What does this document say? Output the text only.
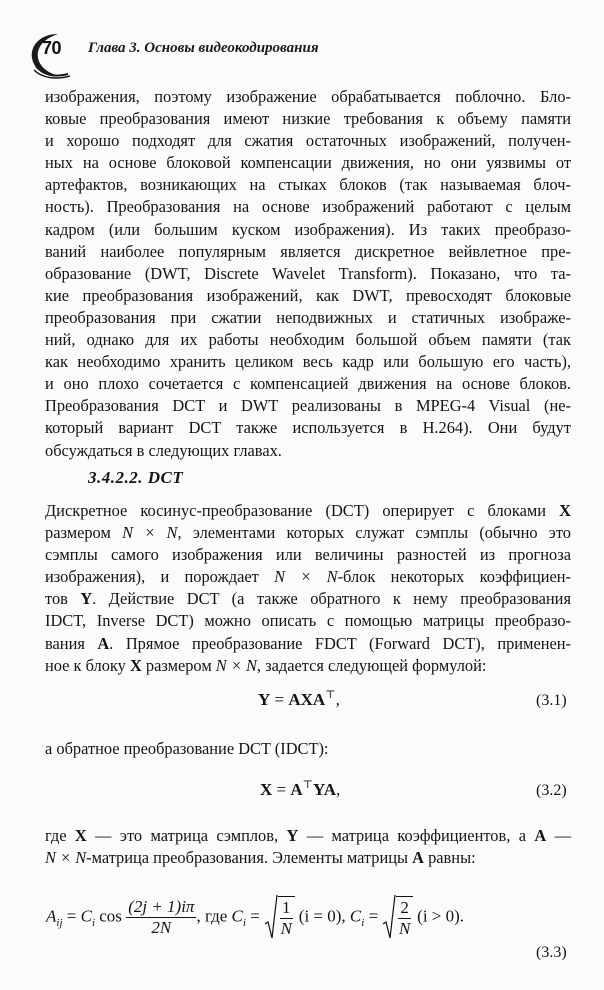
70 Глава 3. Основы видеокодирования
изображения, поэтому изображение обрабатывается поблочно. Бло-
ковые преобразования имеют низкие требования к объему памяти
и хорошо подходят для сжатия остаточных изображений, получен-
ных на основе блоковой компенсации движения, но они уязвимы от
артефактов, возникающих на стыках блоков (так называемая блоч-
ность). Преобразования на основе изображений работают с целым
кадром (или большим куском изображения). Из таких преобразо-
ваний наиболее популярным является дискретное вейвлетное пре-
образование (DWT, Discrete Wavelet Transform). Показано, что та-
кие преобразования изображений, как DWT, превосходят блоковые
преобразования при сжатии неподвижных и статичных изображе-
ний, однако для их работы необходим большой объем памяти (так
как необходимо хранить целиком весь кадр или большую его часть),
и оно плохо сочетается с компенсацией движения на основе блоков.
Преобразования DCT и DWT реализованы в MPEG-4 Visual (не-
который вариант DCT также используется в H.264). Они будут
обсуждаться в следующих главах.
3.4.2.2. DCT
Дискретное косинус-преобразование (DCT) оперирует с блоками X
размером N × N, элементами которых служат сэмплы (обычно это
сэмплы самого изображения или величины разностей из прогноза
изображения), и порождает N × N-блок некоторых коэффициен-
тов Y. Действие DCT (а также обратного к нему преобразования
IDCT, Inverse DCT) можно описать с помощью матрицы преобразо-
вания A. Прямое преобразование FDCT (Forward DCT), применен-
ное к блоку X размером N × N, задается следующей формулой:
Y = AXA⊤,	(3.1)
а обратное преобразование DCT (IDCT):
X = A⊤YA,	(3.2)
где X — это матрица сэмплов, Y — матрица коэффициентов, а A —
N × N-матрица преобразования. Элементы матрицы A равны:
$A_{ij} = C_i$ $\cos \frac{(2j + 1)i\pi}{2N}$ , где $C_i = \frac{1}{N} (i = 0)$, $C_i = \frac{2}{N} (i > 0)$.
(3.3)
